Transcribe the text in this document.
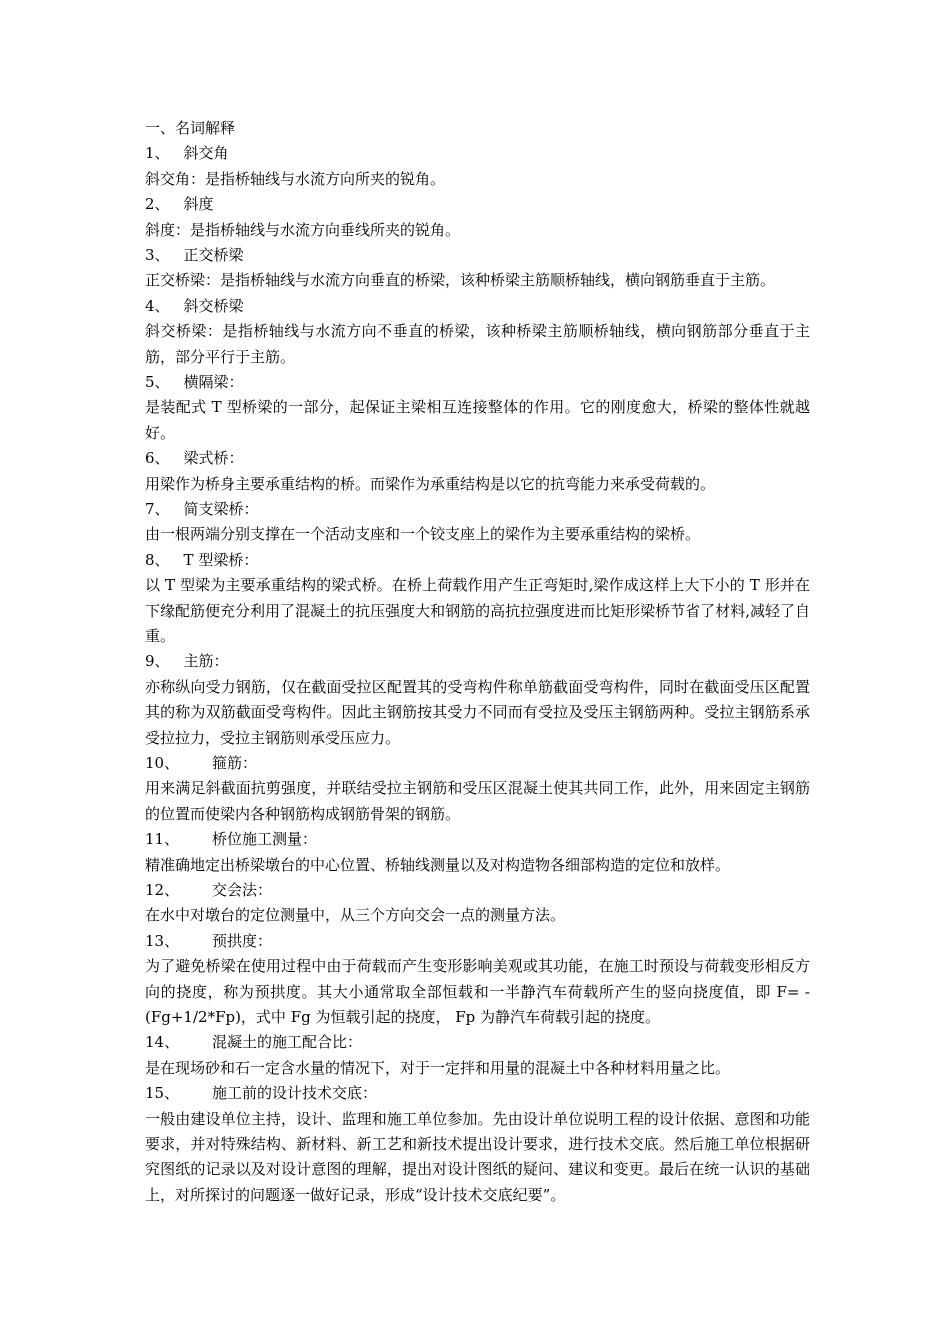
一、名词解释
1、 斜交角
斜交角：是指桥轴线与水流方向所夹的锐角。
2、 斜度
斜度：是指桥轴线与水流方向垂线所夹的锐角。
3、 正交桥梁
正交桥梁：是指桥轴线与水流方向垂直的桥梁，该种桥梁主筋顺桥轴线，横向钢筋垂直于主筋。
4、 斜交桥梁
斜交桥梁：是指桥轴线与水流方向不垂直的桥梁，该种桥梁主筋顺桥轴线，横向钢筋部分垂直于主筋，部分平行于主筋。
5、 横隔梁：
是装配式 T 型桥梁的一部分，起保证主梁相互连接整体的作用。它的刚度愈大，桥梁的整体性就越好。
6、 梁式桥：
用梁作为桥身主要承重结构的桥。而梁作为承重结构是以它的抗弯能力来承受荷载的。
7、 简支梁桥：
由一根两端分别支撑在一个活动支座和一个铰支座上的梁作为主要承重结构的梁桥。
8、 T 型梁桥：
以 T 型梁为主要承重结构的梁式桥。在桥上荷载作用产生正弯矩时,梁作成这样上大下小的 T 形并在下缘配筋便充分利用了混凝土的抗压强度大和钢筋的高抗拉强度进而比矩形梁桥节省了材料,减轻了自重。
9、 主筋：
亦称纵向受力钢筋，仅在截面受拉区配置其的受弯构件称单筋截面受弯构件，同时在截面受压区配置其的称为双筋截面受弯构件。因此主钢筋按其受力不同而有受拉及受压主钢筋两种。受拉主钢筋系承受拉拉力，受拉主钢筋则承受压应力。
10、 箍筋：
用来满足斜截面抗剪强度，并联结受拉主钢筋和受压区混凝土使其共同工作，此外，用来固定主钢筋的位置而使梁内各种钢筋构成钢筋骨架的钢筋。
11、 桥位施工测量：
精准确地定出桥梁墩台的中心位置、桥轴线测量以及对构造物各细部构造的定位和放样。
12、 交会法：
在水中对墩台的定位测量中，从三个方向交会一点的测量方法。
13、 预拱度：
为了避免桥梁在使用过程中由于荷载而产生变形影响美观或其功能，在施工时预设与荷载变形相反方向的挠度，称为预拱度。其大小通常取全部恒载和一半静汽车荷载所产生的竖向挠度值，即 F= -(Fg+1/2*Fp)，式中 Fg 为恒载引起的挠度， Fp 为静汽车荷载引起的挠度。
14、 混凝土的施工配合比：
是在现场砂和石一定含水量的情况下，对于一定拌和用量的混凝土中各种材料用量之比。
15、 施工前的设计技术交底：
一般由建设单位主持，设计、监理和施工单位参加。先由设计单位说明工程的设计依据、意图和功能要求，并对特殊结构、新材料、新工艺和新技术提出设计要求，进行技术交底。然后施工单位根据研究图纸的记录以及对设计意图的理解，提出对设计图纸的疑问、建议和变更。最后在统一认识的基础上，对所探讨的问题逐一做好记录，形成“设计技术交底纪要”。
